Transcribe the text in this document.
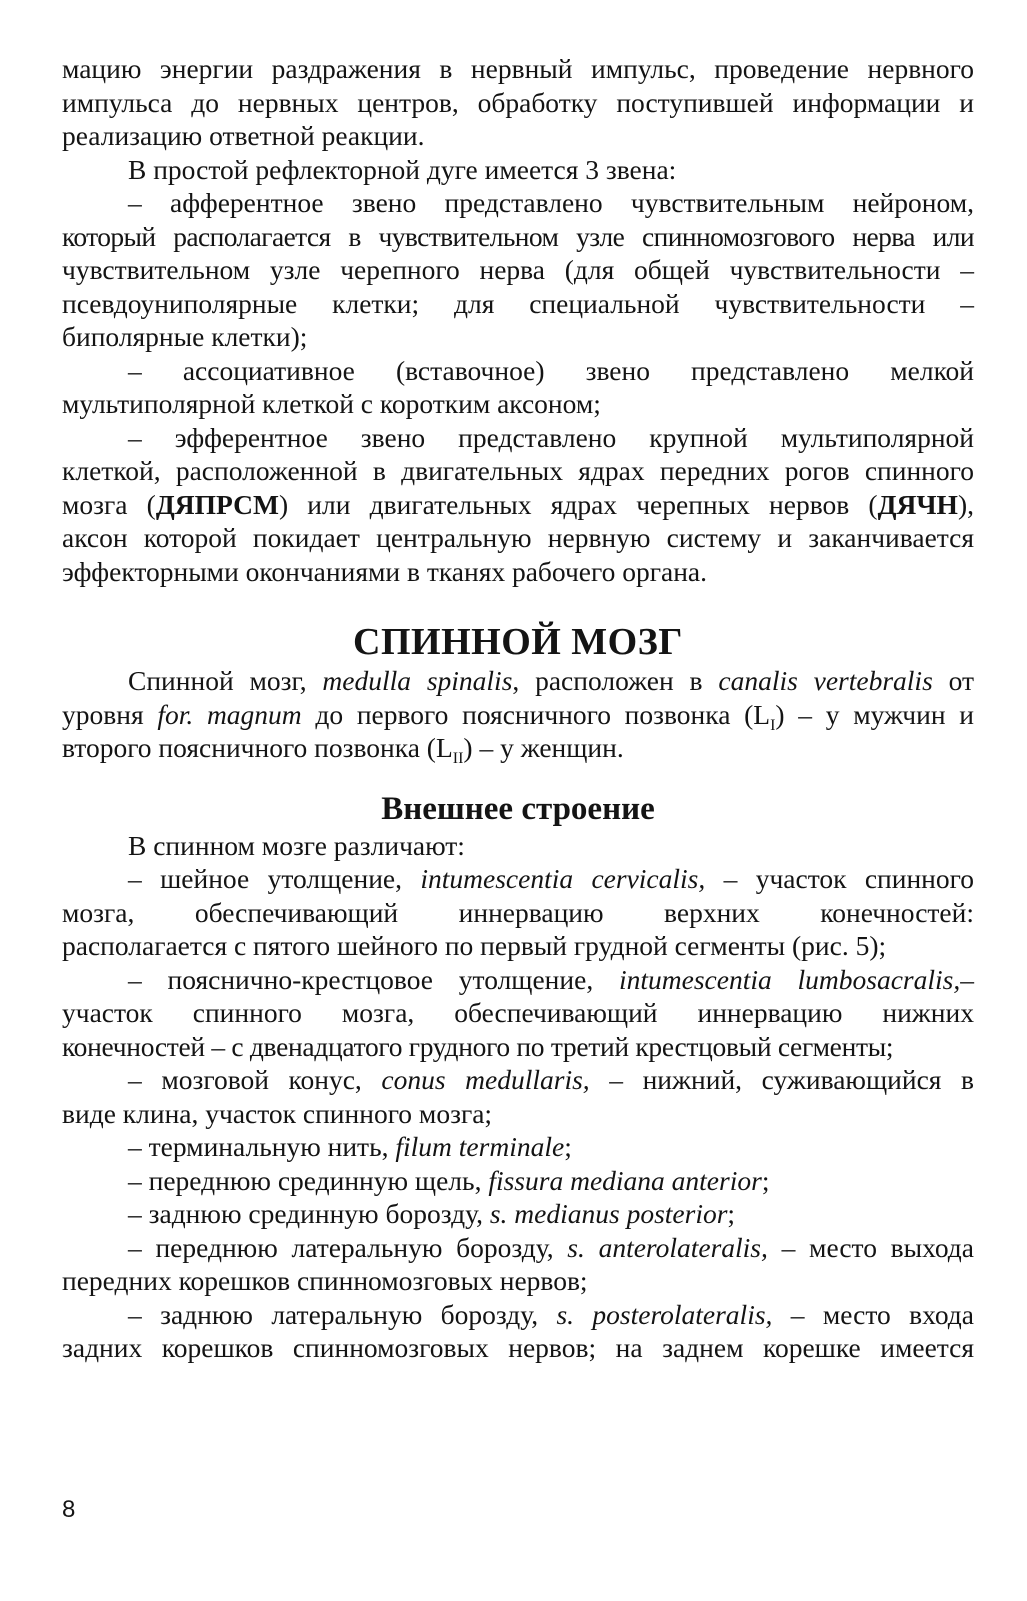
мацию энергии раздражения в нервный импульс, проведение нервного
импульса до нервных центров, обработку поступившей информации и
реализацию ответной реакции.

В простой рефлекторной дуге имеется 3 звена:

– афферентное звено представлено чувствительным нейроном,
который располагается в чувствительном узле спинномозгового нерва или
чувствительном узле черепного нерва (для общей чувствительности –
псевдоуниполярные клетки; для специальной чувствительности –
биполярные клетки);

– ассоциативное (вставочное) звено представлено мелкой
мультиполярной клеткой с коротким аксоном;

– эфферентное звено представлено крупной мультиполярной
клеткой, расположенной в двигательных ядрах передних рогов спинного
мозга (ДЯПРСМ) или двигательных ядрах черепных нервов (ДЯЧН),
аксон которой покидает центральную нервную систему и заканчивается
эффекторными окончаниями в тканях рабочего органа.

СПИННОЙ МОЗГ

Спинной мозг, medulla spinalis, расположен в canalis vertebralis от
уровня for. magnum до первого поясничного позвонка $(L_I)$ – у мужчин и
второго поясничного позвонка $(L_{II})$ – у женщин.

Внешнее строение

В спинном мозге различают:

– шейное утолщение, intumescentia cervicalis, – участок спинного
мозга, обеспечивающий иннервацию верхних конечностей:
располагается с пятого шейного по первый грудной сегменты (рис. 5);

– пояснично-крестцовое утолщение, intumescentia lumbosacralis,–
участок спинного мозга, обеспечивающий иннервацию нижних
конечностей – с двенадцатого грудного по третий крестцовый сегменты;

– мозговой конус, conus medullaris, – нижний, суживающийся в
виде клина, участок спинного мозга;

– терминальную нить, filum terminale;

– переднюю срединную щель, fissura mediana anterior;

– заднюю срединную борозду, s. medianus posterior;

– переднюю латеральную борозду, s. anterolateralis, – место выхода
передних корешков спинномозговых нервов;

– заднюю латеральную борозду, s. posterolateralis, – место входа
задних корешков спинномозговых нервов; на заднем корешке имеется

8
